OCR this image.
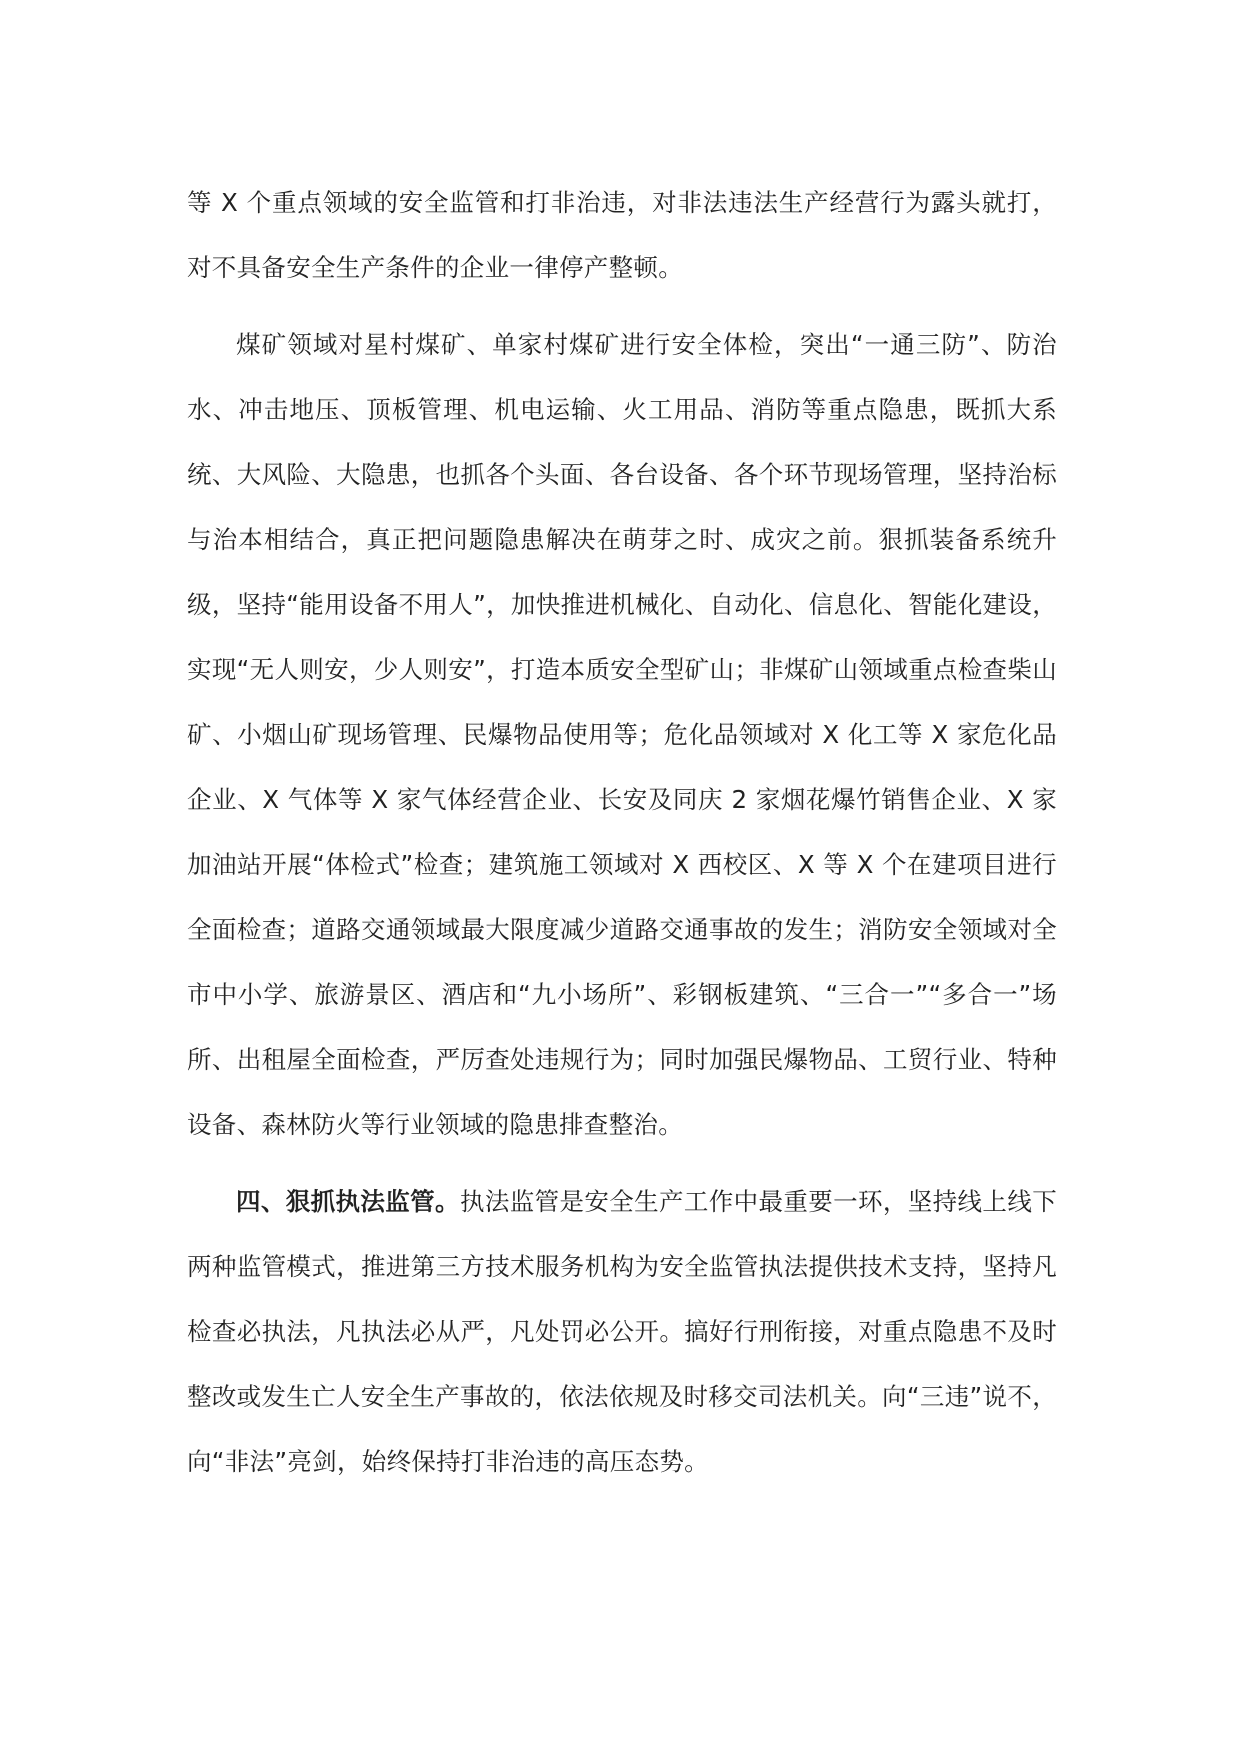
等 X 个重点领域的安全监管和打非治违，对非法违法生产经营行为露头就打，对不具备安全生产条件的企业一律停产整顿。

煤矿领域对星村煤矿、单家村煤矿进行安全体检，突出“一通三防”、防治水、冲击地压、顶板管理、机电运输、火工用品、消防等重点隐患，既抓大系统、大风险、大隐患，也抓各个头面、各台设备、各个环节现场管理，坚持治标与治本相结合，真正把问题隐患解决在萌芽之时、成灾之前。狠抓装备系统升级，坚持“能用设备不用人”，加快推进机械化、自动化、信息化、智能化建设，实现“无人则安，少人则安”，打造本质安全型矿山；非煤矿山领域重点检查柴山矿、小烟山矿现场管理、民爆物品使用等；危化品领域对 X 化工等 X 家危化品企业、X 气体等 X 家气体经营企业、长安及同庆 2 家烟花爆竹销售企业、X 家加油站开展“体检式”检查；建筑施工领域对 X 西校区、X 等 X 个在建项目进行全面检查；道路交通领域最大限度减少道路交通事故的发生；消防安全领域对全市中小学、旅游景区、酒店和“九小场所”、彩钢板建筑、“三合一”“多合一”场所、出租屋全面检查，严厉查处违规行为；同时加强民爆物品、工贸行业、特种设备、森林防火等行业领域的隐患排查整治。

四、狠抓执法监管。执法监管是安全生产工作中最重要一环，坚持线上线下两种监管模式，推进第三方技术服务机构为安全监管执法提供技术支持，坚持凡检查必执法，凡执法必从严，凡处罚必公开。搞好行刑衔接，对重点隐患不及时整改或发生亡人安全生产事故的，依法依规及时移交司法机关。向“三违”说不，向“非法”亮剑，始终保持打非治违的高压态势。
